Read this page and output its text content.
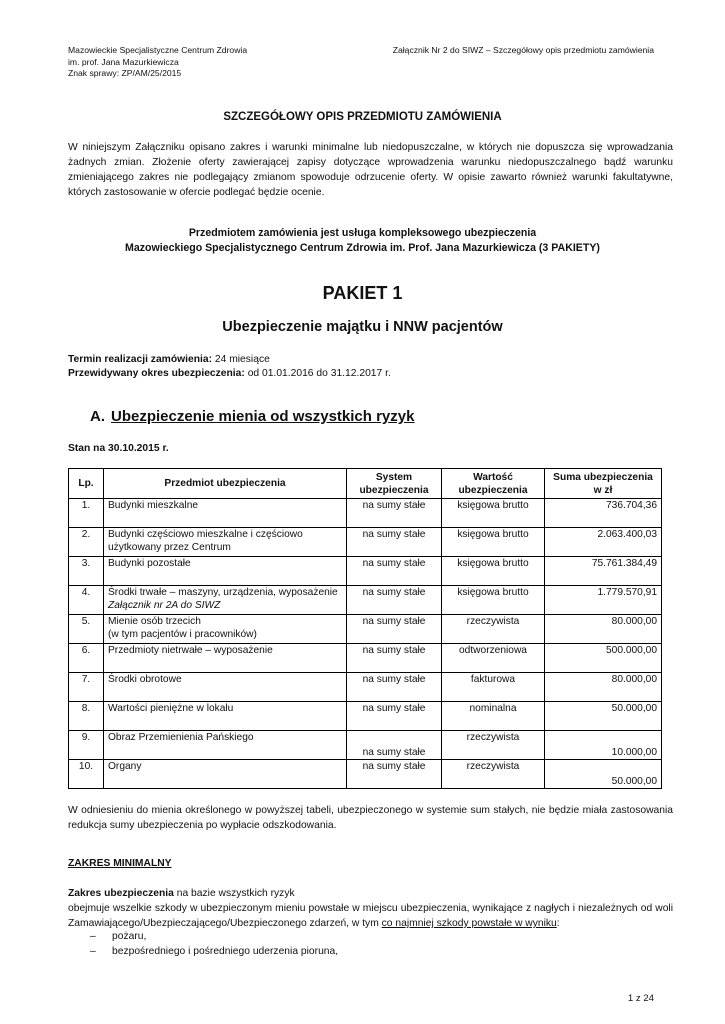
Mazowieckie Specjalistyczne Centrum Zdrowia
im. prof. Jana Mazurkiewicza
Znak sprawy: ZP/AM/25/2015
Załącznik Nr 2 do SIWZ – Szczegółowy opis przedmiotu zamówienia
SZCZEGÓŁOWY OPIS PRZEDMIOTU ZAMÓWIENIA
W niniejszym Załączniku opisano zakres i warunki minimalne lub niedopuszczalne, w których nie dopuszcza się wprowadzania żadnych zmian. Złożenie oferty zawierającej zapisy dotyczące wprowadzenia warunku niedopuszczalnego bądź warunku zmieniającego zakres nie podlegający zmianom spowoduje odrzucenie oferty. W opisie zawarto również warunki fakultatywne, których zastosowanie w ofercie podlegać będzie ocenie.
Przedmiotem zamówienia jest usługa kompleksowego ubezpieczenia
Mazowieckiego Specjalistycznego Centrum Zdrowia im. Prof. Jana Mazurkiewicza (3 PAKIETY)
PAKIET 1
Ubezpieczenie majątku i NNW pacjentów
Termin realizacji zamówienia: 24 miesiące
Przewidywany okres ubezpieczenia: od 01.01.2016 do 31.12.2017 r.
A. Ubezpieczenie mienia od wszystkich ryzyk
Stan na 30.10.2015 r.
Lp.	Przedmiot ubezpieczenia	System ubezpieczenia	Wartość ubezpieczenia	Suma ubezpieczenia w zł
1.	Budynki mieszkalne	na sumy stałe	księgowa brutto	736.704,36
2.	Budynki częściowo mieszkalne i częściowo
użytkowany przez Centrum	na sumy stałe	księgowa brutto	2.063.400,03
3.	Budynki pozostałe	na sumy stałe	księgowa brutto	75.761.384,49
4.	Środki trwałe – maszyny, urządzenia, wyposażenie
Załącznik nr 2A do SIWZ	na sumy stałe	księgowa brutto	1.779.570,91
5.	Mienie osób trzecich
(w tym pacjentów i pracowników)	na sumy stałe	rzeczywista	80.000,00
6.	Przedmioty nietrwałe – wyposażenie	na sumy stałe	odtworzeniowa	500.000,00
7.	Środki obrotowe	na sumy stałe	fakturowa	80.000,00
8.	Wartości pieniężne w lokalu	na sumy stałe	nominalna	50.000,00
9.	Obraz Przemienienia Pańskiego	na sumy stałe	rzeczywista	10.000,00
10.	Organy	na sumy stałe	rzeczywista	50.000,00
W odniesieniu do mienia określonego w powyższej tabeli, ubezpieczonego w systemie sum stałych, nie będzie miała zastosowania redukcja sumy ubezpieczenia po wypłacie odszkodowania.
ZAKRES MINIMALNY
Zakres ubezpieczenia na bazie wszystkich ryzyk
obejmuje wszelkie szkody w ubezpieczonym mieniu powstałe w miejscu ubezpieczenia, wynikające z nagłych i niezależnych od woli Zamawiającego/Ubezpieczającego/Ubezpieczonego zdarzeń, w tym co najmniej szkody powstałe w wyniku:
– pożaru,
– bezpośredniego i pośredniego uderzenia pioruna,
1 z 24
